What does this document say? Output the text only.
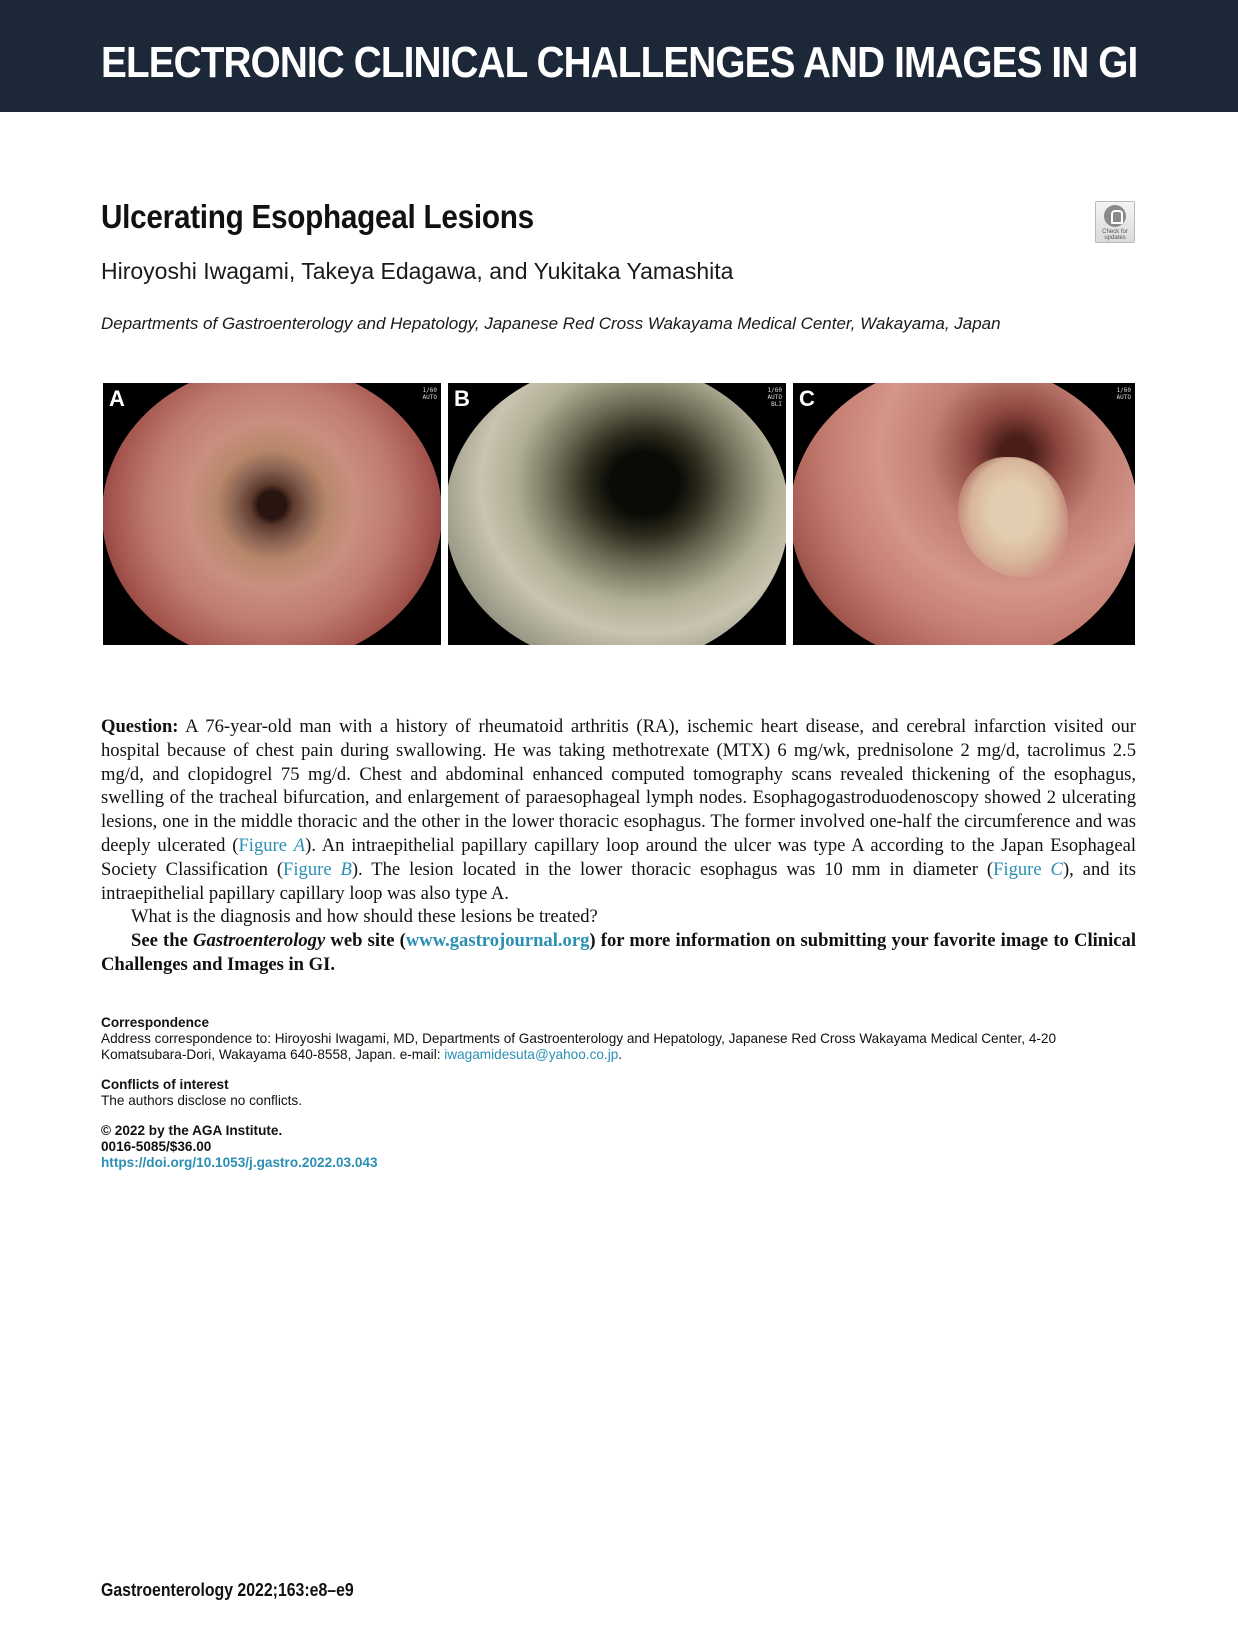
ELECTRONIC CLINICAL CHALLENGES AND IMAGES IN GI
Ulcerating Esophageal Lesions	Check for updates
Hiroyoshi Iwagami, Takeya Edagawa, and Yukitaka Yamashita
Departments of Gastroenterology and Hepatology, Japanese Red Cross Wakayama Medical Center, Wakayama, Japan
A	1/60
AUTO B	1/60
AUTO
BLI C	1/60
AUTO

Question: A 76-year-old man with a history of rheumatoid arthritis (RA), ischemic heart disease, and cerebral infarction visited our hospital because of chest pain during swallowing. He was taking methotrexate (MTX) 6 mg/wk, prednisolone 2 mg/d, tacrolimus 2.5 mg/d, and clopidogrel 75 mg/d. Chest and abdominal enhanced computed tomography scans revealed thickening of the esophagus, swelling of the tracheal bifurcation, and enlargement of paraesophageal lymph nodes. Esophagogastroduodenoscopy showed 2 ulcerating lesions, one in the middle thoracic and the other in the lower thoracic esophagus. The former involved one-half the circumference and was deeply ulcerated (Figure A). An intraepithelial papillary capillary loop around the ulcer was type A according to the Japan Esophageal Society Classification (Figure B). The lesion located in the lower thoracic esophagus was 10 mm in diameter (Figure C), and its intraepithelial papillary capillary loop was also type A.

What is the diagnosis and how should these lesions be treated?

See the Gastroenterology web site (www.gastrojournal.org) for more information on submitting your favorite image to Clinical Challenges and Images in GI.

Correspondence
Address correspondence to: Hiroyoshi Iwagami, MD, Departments of Gastroenterology and Hepatology, Japanese Red Cross Wakayama Medical Center, 4-20 Komatsubara-Dori, Wakayama 640-8558, Japan. e-mail: iwagamidesuta@yahoo.co.jp.
Conflicts of interest
The authors disclose no conflicts.
© 2022 by the AGA Institute.
0016-5085/$36.00
https://doi.org/10.1053/j.gastro.2022.03.043
Gastroenterology 2022;163:e8–e9
